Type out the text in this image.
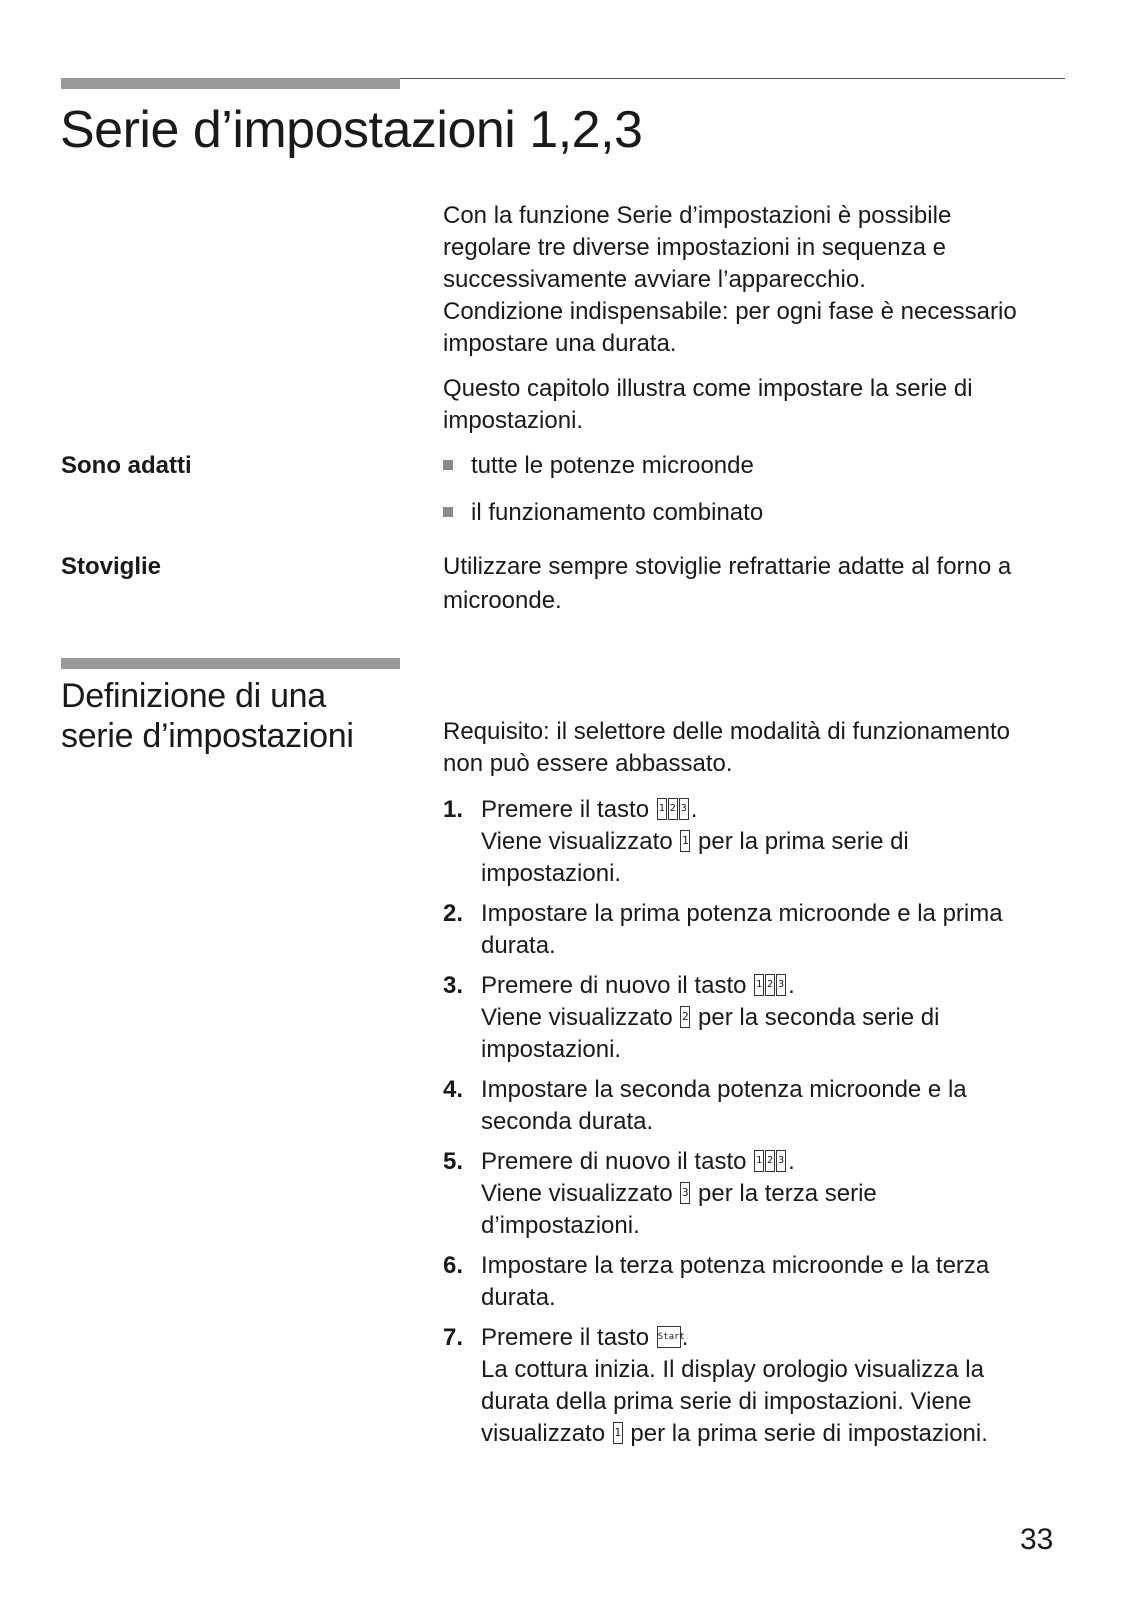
Serie d’impostazioni 1,2,3

Con la funzione Serie d’impostazioni è possibile
regolare tre diverse impostazioni in sequenza e
successivamente avviare l’apparecchio.
Condizione indispensabile: per ogni fase è necessario
impostare una durata.

Questo capitolo illustra come impostare la serie di
impostazioni.

Sono adatti	tutte le potenze microonde
il funzionamento combinato
Stoviglie	Utilizzare sempre stoviglie refrattarie adatte al forno a
microonde.

Definizione di una
serie d’impostazioni	Requisito: il selettore delle modalità di funzionamento
non può essere abbassato.

1. Premere il tasto 1 2 3 .
Viene visualizzato 1 per la prima serie di
impostazioni.
2. Impostare la prima potenza microonde e la prima
durata.
3. Premere di nuovo il tasto 1 2 3 .
Viene visualizzato 2 per la seconda serie di
impostazioni.
4. Impostare la seconda potenza microonde e la
seconda durata.
5. Premere di nuovo il tasto 1 2 3 .
Viene visualizzato 3 per la terza serie
d’impostazioni.
6. Impostare la terza potenza microonde e la terza
durata.
7. Premere il tasto Start.
La cottura inizia. Il display orologio visualizza la
durata della prima serie di impostazioni. Viene
visualizzato 1 per la prima serie di impostazioni.
33
